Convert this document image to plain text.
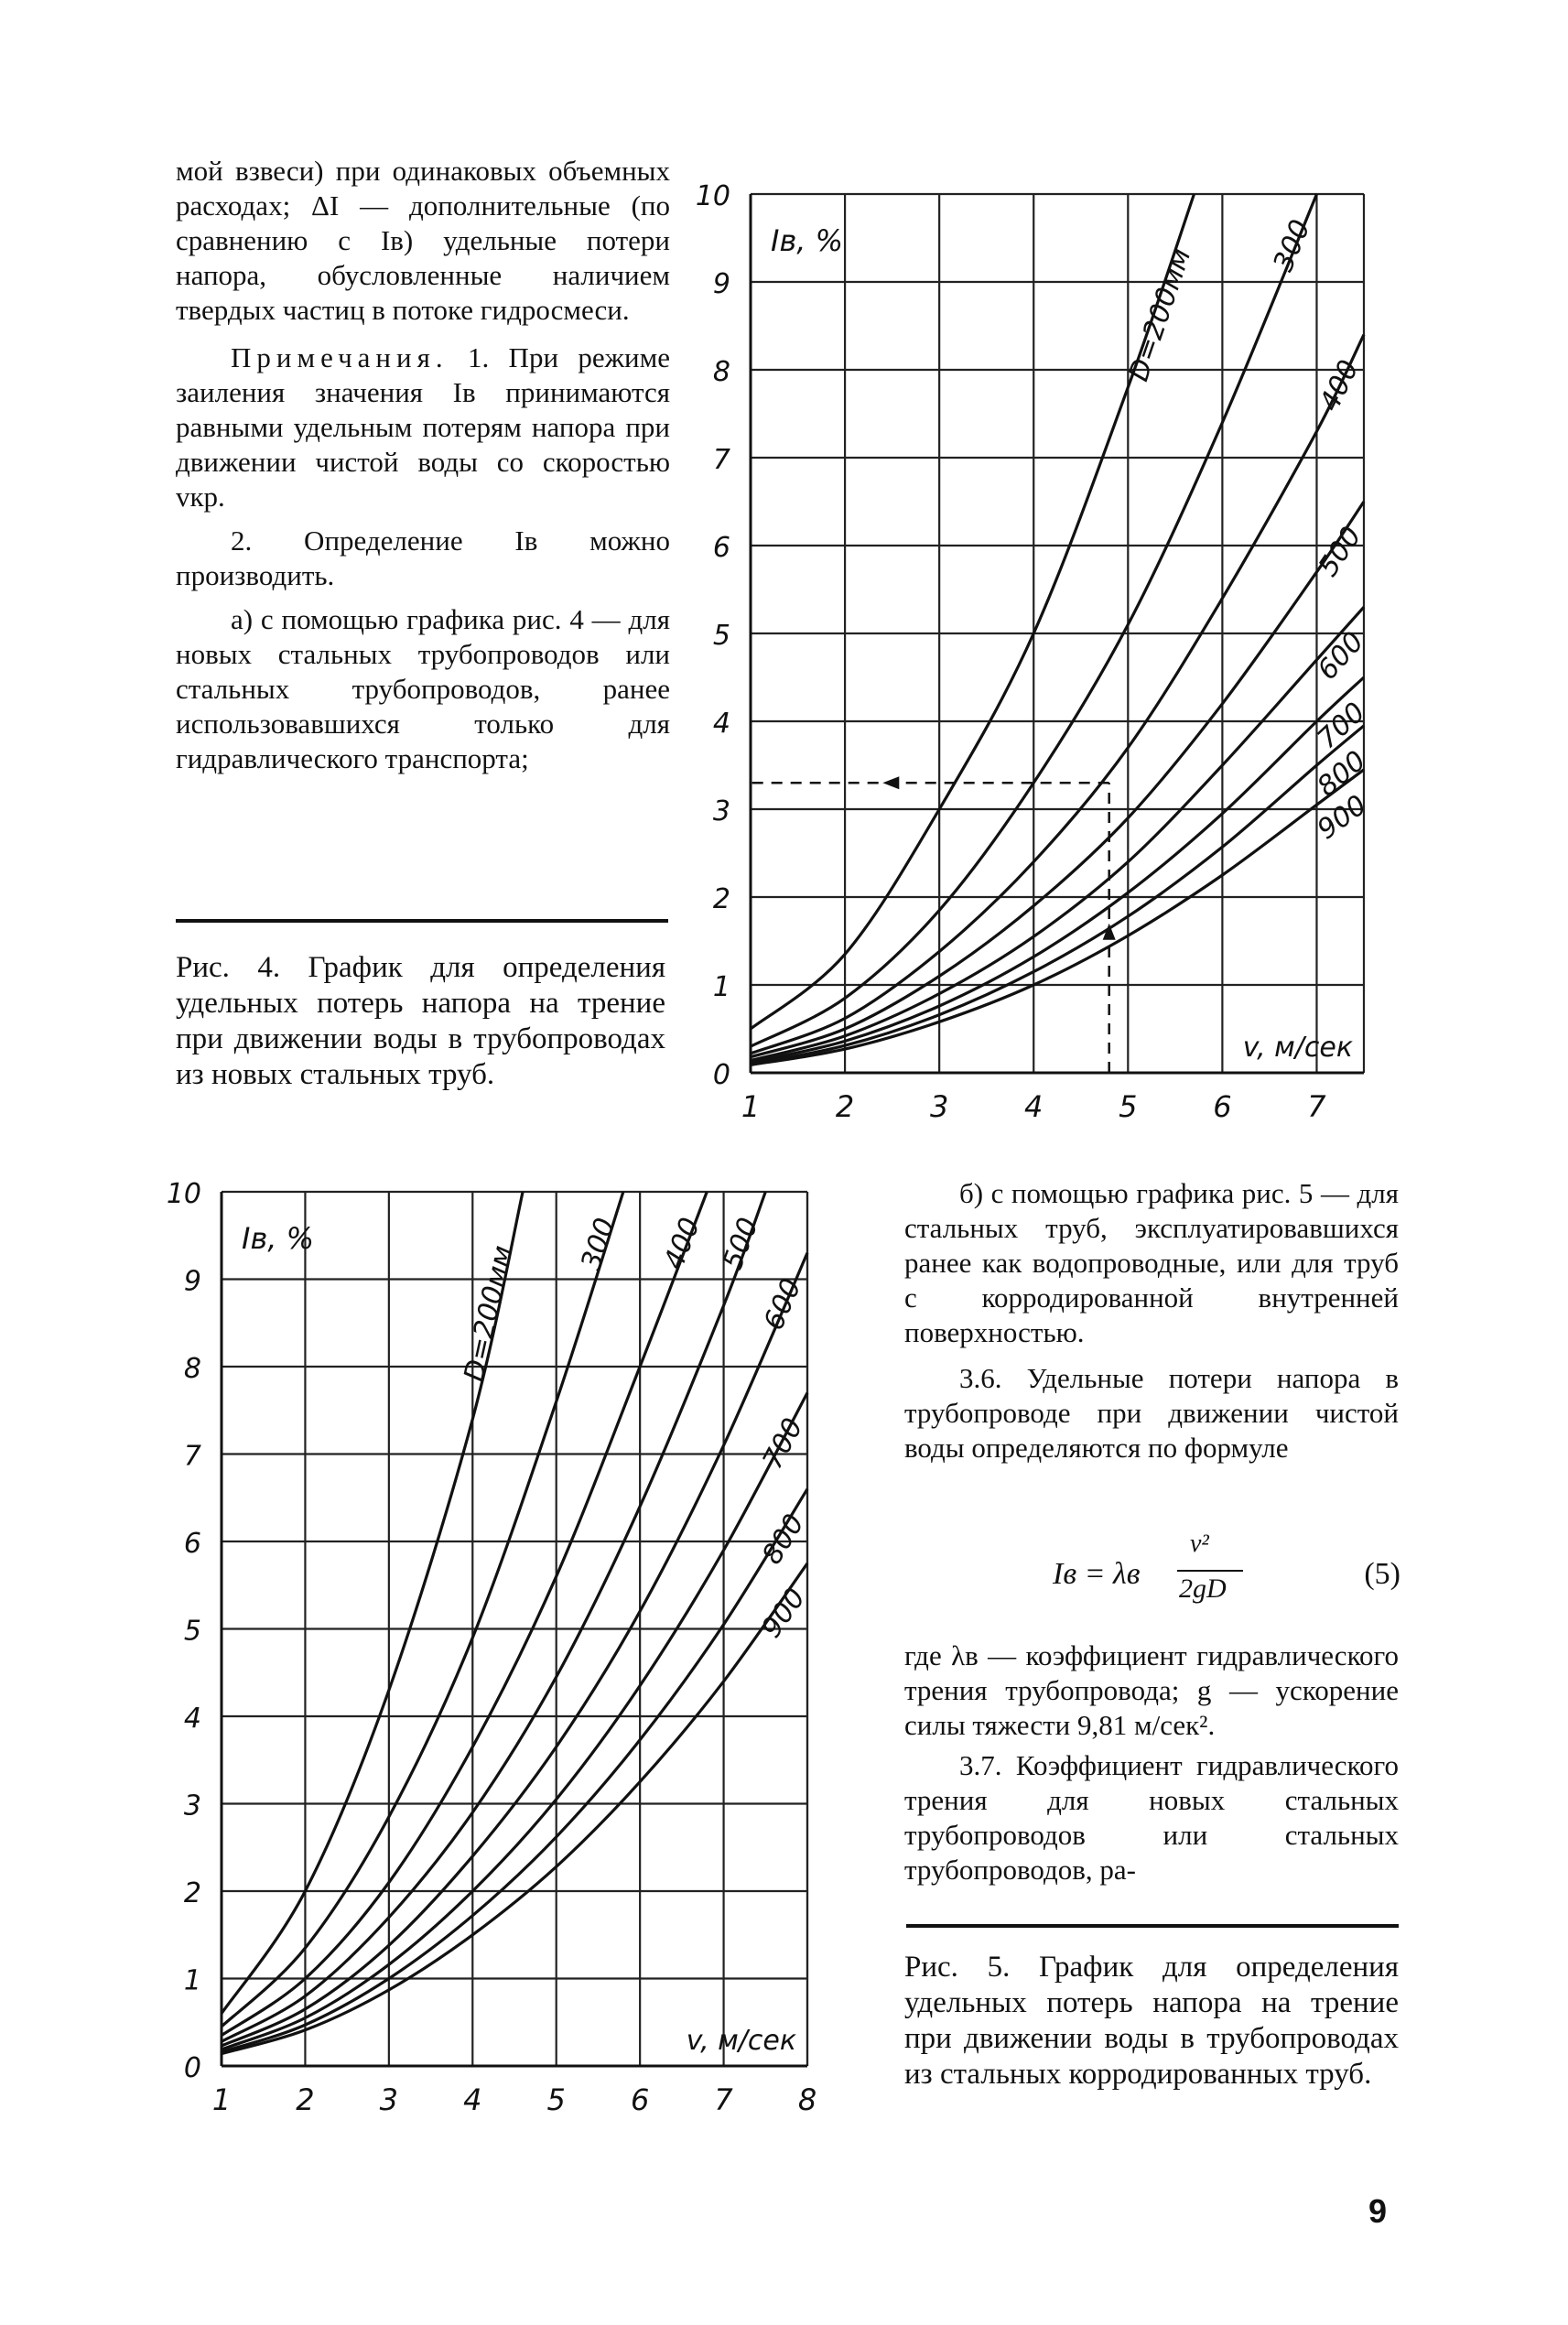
мой взвеси) при одинаковых объемных расходах; ΔI — дополнительные (по сравнению с Iв) удельные потери напора, обусловленные наличием твердых частиц в потоке гидросмеси.

Примечания. 1. При режиме заиления значения Iв принимаются равными удельным потерям напора при движении чистой воды со скоростью vкр.

2. Определение Iв можно производить.

а) с помощью графика рис. 4 — для новых стальных трубопроводов или стальных трубопроводов, ранее использовавшихся только для гидравлического транспорта;

Рис. 4. График для определения удельных потерь напора на трение при движении воды в трубопроводах из новых стальных труб.	0
1
2
3
4
5
6
7
8
9
10
1	2	3	4	5	6	7
Iв, %
v, м/сек
D=200мм	300
400
500
600
700
800
900
0
1
2
3
4
5
6
7
8
9
10
1 2 3 4 5 6 7 8
Iв, %
v, м/сек
D=200мм 300 400 500
600
700
800
900

б) с помощью графика рис. 5 — для стальных труб, эксплуатировавшихся ранее как водопроводные, или для труб с корродированной внутренней поверхностью.

3.6. Удельные потери напора в трубопроводе при движении чистой воды определяются по формуле

Iв = λв
v²
2gD	(5)

где λв — коэффициент гидравлического трения трубопровода; g — ускорение силы тяжести 9,81 м/сек².

3.7. Коэффициент гидравлического трения для новых стальных трубопроводов или стальных трубопроводов, ра-

Рис. 5. График для определения удельных потерь напора на трение при движении воды в трубопроводах из стальных корродированных труб.
9
